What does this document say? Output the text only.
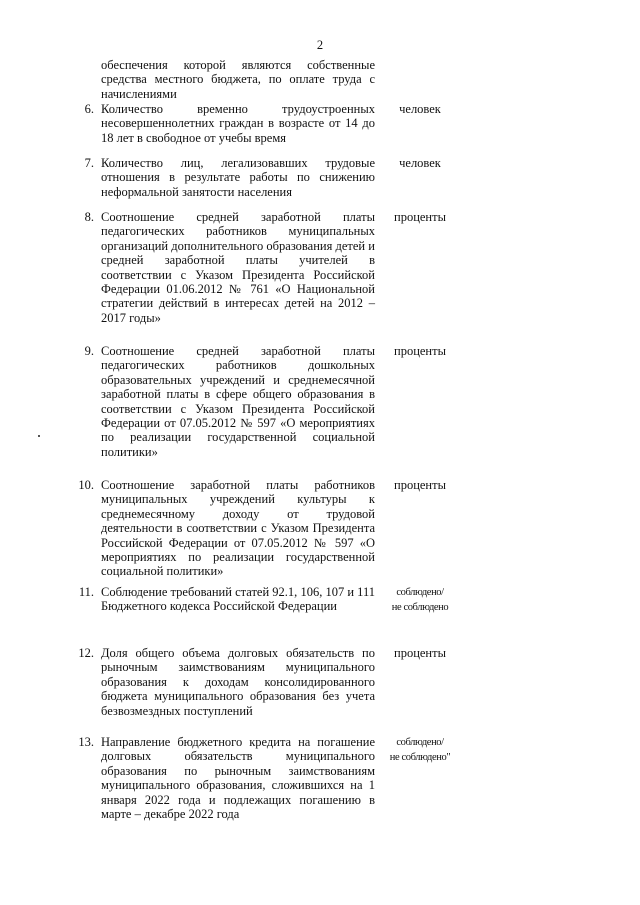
2
обеспечения которой являются собственные средства местного бюджета, по оплате труда с начислениями
6. Количество временно трудоустроенных несовершеннолетних граждан в возрасте от 14 до 18 лет в свободное от учебы время
человек
7. Количество лиц, легализовавших трудовые отношения в результате работы по снижению неформальной занятости населения
человек
8. Соотношение средней заработной платы педагогических работников муниципальных организаций дополнительного образования детей и средней заработной платы учителей в соответствии с Указом Президента Российской Федерации 01.06.2012 № 761 «О Национальной стратегии действий в интересах детей на 2012 – 2017 годы»
проценты
9. Соотношение средней заработной платы педагогических работников дошкольных образовательных учреждений и среднемесячной заработной платы в сфере общего образования в соответствии с Указом Президента Российской Федерации от 07.05.2012 № 597 «О мероприятиях по реализации государственной социальной политики»
проценты
10. Соотношение заработной платы работников муниципальных учреждений культуры к среднемесячному доходу от трудовой деятельности в соответствии с Указом Президента Российской Федерации от 07.05.2012 № 597 «О мероприятиях по реализации государственной социальной политики»
проценты
11. Соблюдение требований статей 92.1, 106, 107 и 111 Бюджетного кодекса Российской Федерации
соблюдено/
не соблюдено
12. Доля общего объема долговых обязательств по рыночным заимствованиям муниципального образования к доходам консолидированного бюджета муниципального образования без учета безвозмездных поступлений
проценты
13. Направление бюджетного кредита на погашение долговых обязательств муниципального образования по рыночным заимствованиям муниципального образования, сложившихся на 1 января 2022 года и подлежащих погашению в марте – декабре 2022 года
соблюдено/
не соблюдено"
